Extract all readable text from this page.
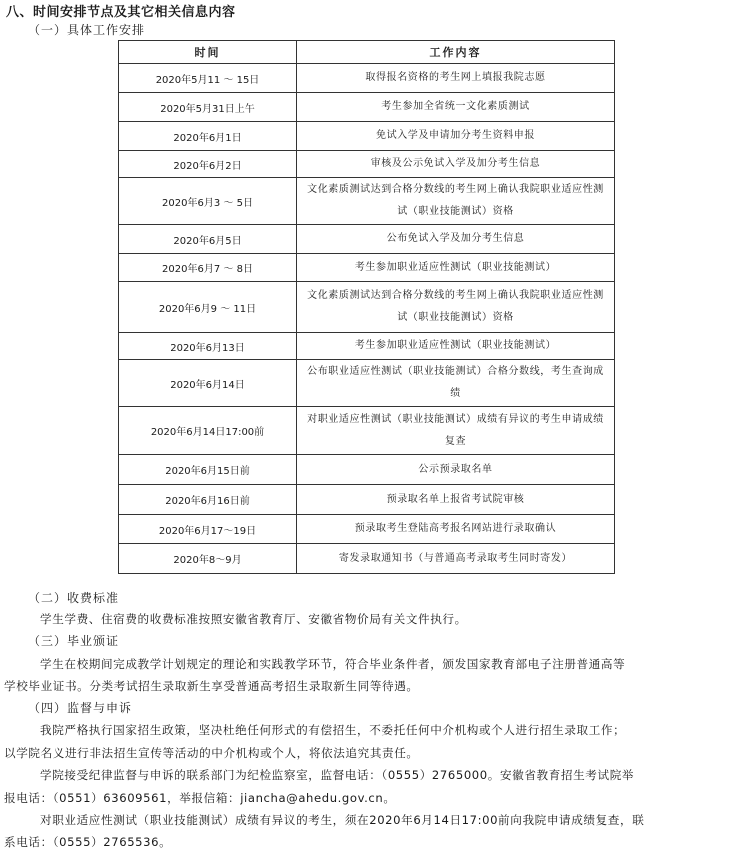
八、时间安排节点及其它相关信息内容
（一）具体工作安排
时间	工作内容
2020年5月11 ～ 15日	取得报名资格的考生网上填报我院志愿
2020年5月31日上午	考生参加全省统一文化素质测试
2020年6月1日	免试入学及申请加分考生资料申报
2020年6月2日	审核及公示免试入学及加分考生信息
2020年6月3 ～ 5日	文化素质测试达到合格分数线的考生网上确认我院职业适应性测试（职业技能测试）资格
2020年6月5日	公布免试入学及加分考生信息
2020年6月7 ～ 8日	考生参加职业适应性测试（职业技能测试）
2020年6月9 ～ 11日	文化素质测试达到合格分数线的考生网上确认我院职业适应性测试（职业技能测试）资格
2020年6月13日	考生参加职业适应性测试（职业技能测试）
2020年6月14日	公布职业适应性测试（职业技能测试）合格分数线，考生查询成绩
2020年6月14日17:00前	对职业适应性测试（职业技能测试）成绩有异议的考生申请成绩复查
2020年6月15日前	公示预录取名单
2020年6月16日前	预录取名单上报省考试院审核
2020年6月17～19日	预录取考生登陆高考报名网站进行录取确认
2020年8～9月	寄发录取通知书（与普通高考录取考生同时寄发）
（二）收费标准
学生学费、住宿费的收费标准按照安徽省教育厅、安徽省物价局有关文件执行。
（三）毕业颁证
学生在校期间完成教学计划规定的理论和实践教学环节，符合毕业条件者，颁发国家教育部电子注册普通高等
学校毕业证书。分类考试招生录取新生享受普通高考招生录取新生同等待遇。
（四）监督与申诉
我院严格执行国家招生政策，坚决杜绝任何形式的有偿招生，不委托任何中介机构或个人进行招生录取工作；
以学院名义进行非法招生宣传等活动的中介机构或个人，将依法追究其责任。
学院接受纪律监督与申诉的联系部门为纪检监察室，监督电话：（0555）2765000。安徽省教育招生考试院举
报电话：（0551）63609561，举报信箱：jiancha@ahedu.gov.cn。
对职业适应性测试（职业技能测试）成绩有异议的考生，须在2020年6月14日17:00前向我院申请成绩复查，联
系电话：（0555）2765536。
